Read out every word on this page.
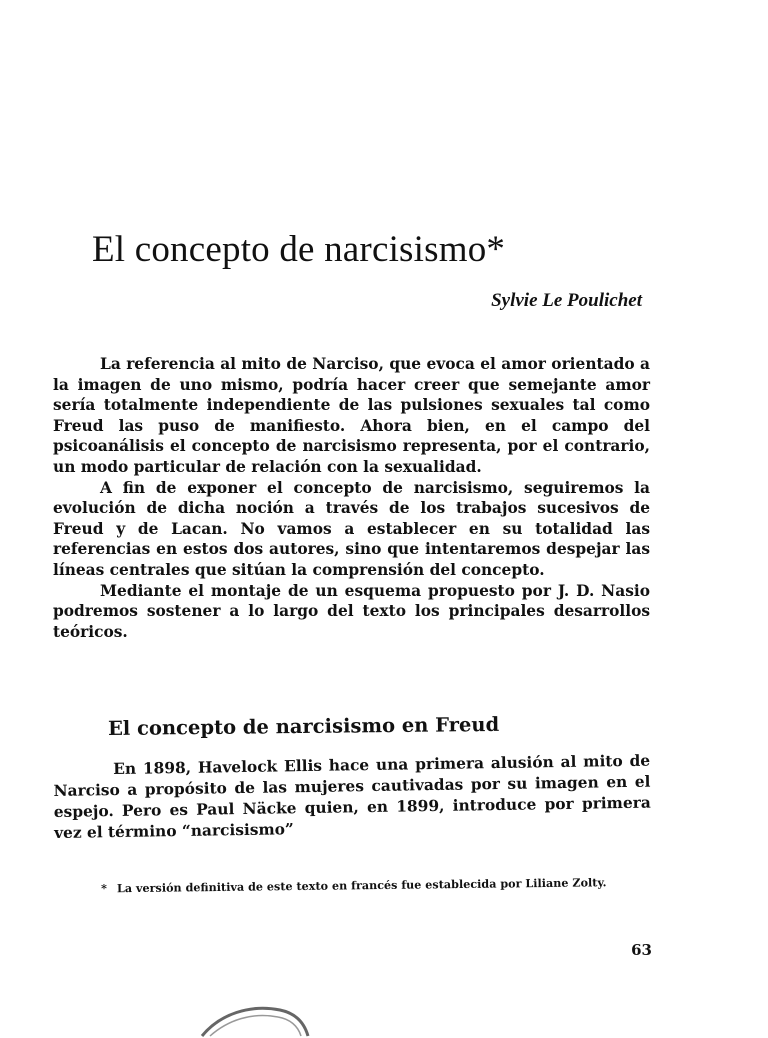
El concepto de narcisismo*

Sylvie Le Poulichet

La referencia al mito de Narciso, que evoca el amor orientado a la imagen de uno mismo, podría hacer creer que semejante amor sería totalmente independiente de las pulsiones sexuales tal como Freud las puso de manifiesto. Ahora bien, en el campo del psicoanálisis el concepto de narcisismo representa, por el contrario, un modo particular de relación con la sexualidad.

A fin de exponer el concepto de narcisismo, seguiremos la evolución de dicha noción a través de los trabajos sucesivos de Freud y de Lacan. No vamos a establecer en su totalidad las referencias en estos dos autores, sino que intentaremos despejar las líneas centrales que sitúan la comprensión del concepto.

Mediante el montaje de un esquema propuesto por J. D. Nasio podremos sostener a lo largo del texto los principales desarrollos teóricos.

El concepto de narcisismo en Freud

En 1898, Havelock Ellis hace una primera alusión al mito de Narciso a propósito de las mujeres cautivadas por su imagen en el espejo. Pero es Paul Näcke quien, en 1899, introduce por primera vez el término “narcisismo”

* La versión definitiva de este texto en francés fue establecida por Liliane Zolty.

63
